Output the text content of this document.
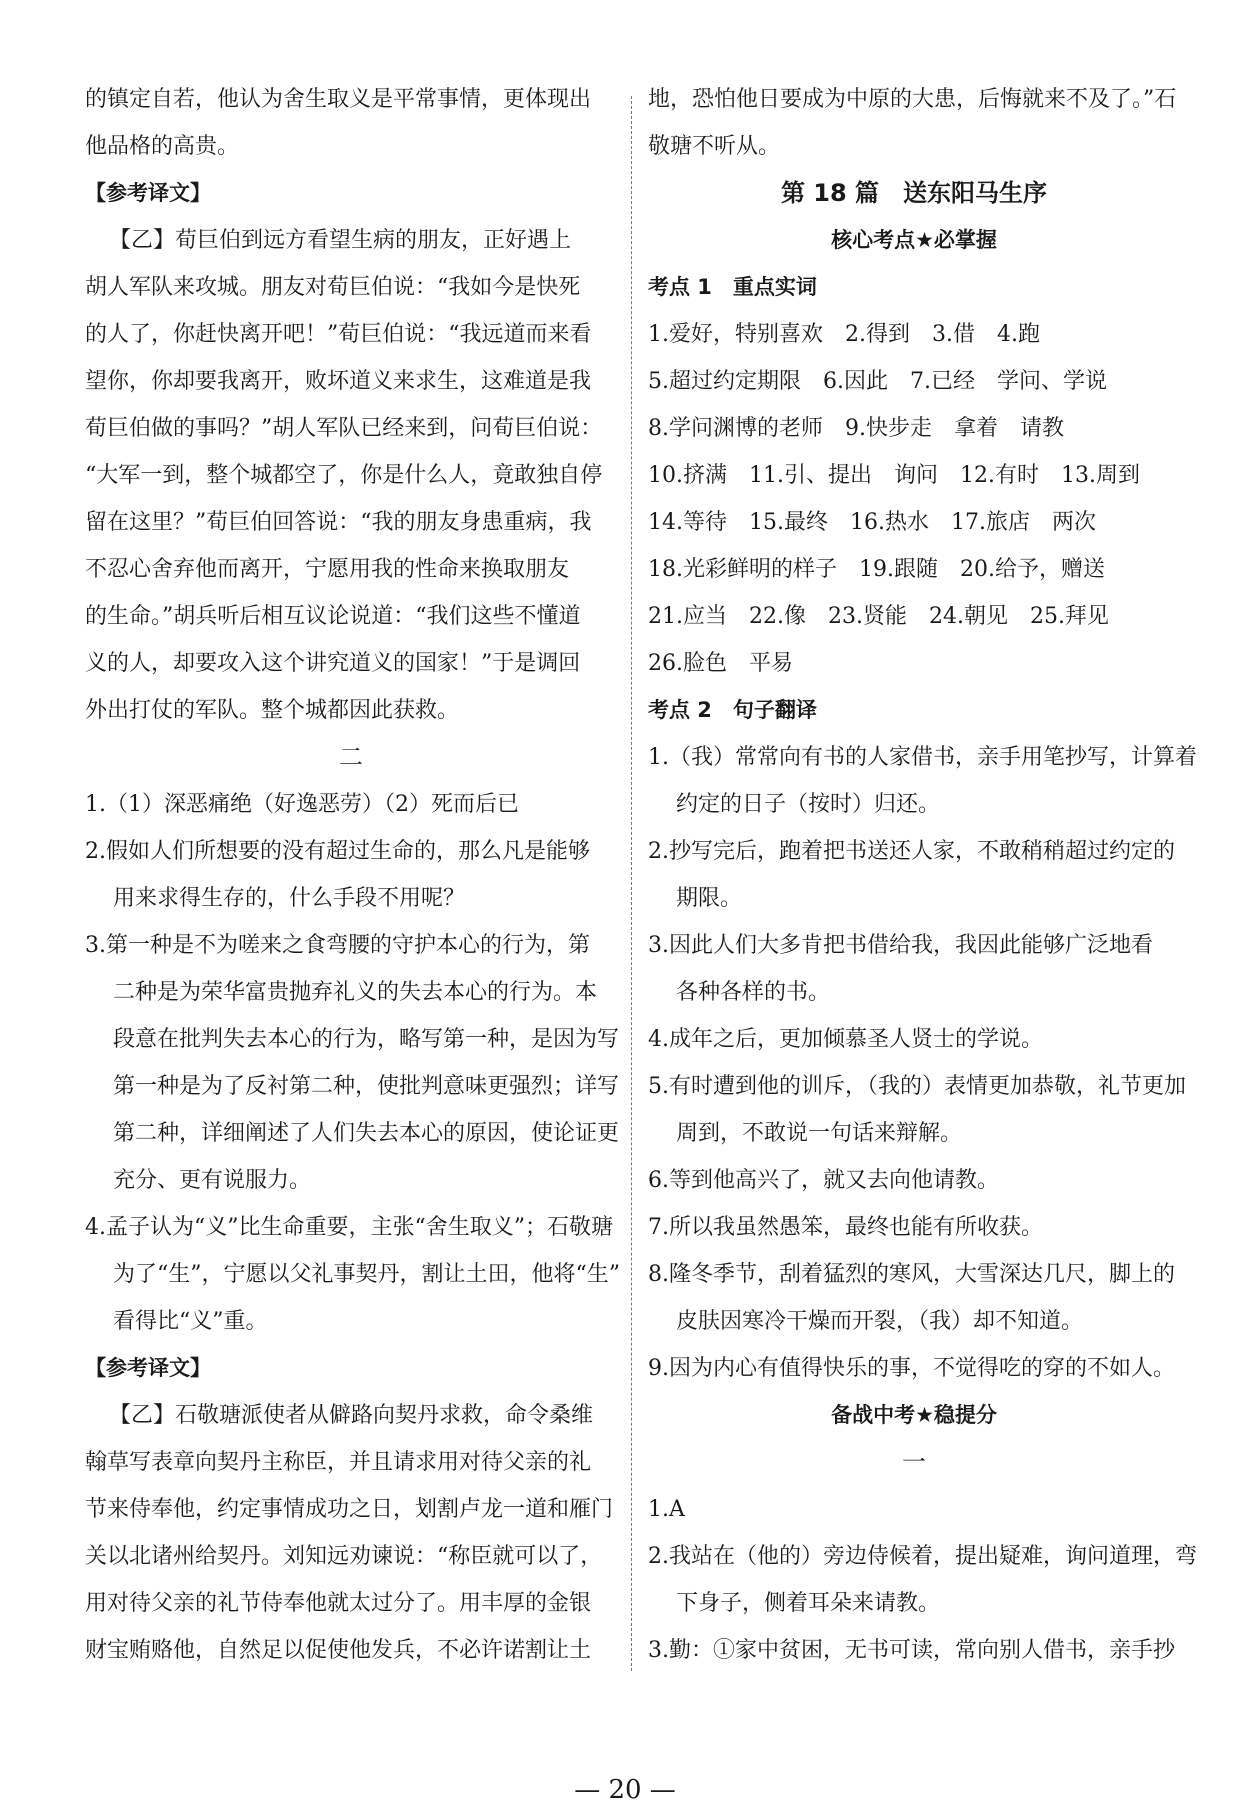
的镇定自若，他认为舍生取义是平常事情，更体现出
他品格的高贵。
【参考译文】
【乙】荀巨伯到远方看望生病的朋友，正好遇上
胡人军队来攻城。朋友对荀巨伯说：“我如今是快死
的人了，你赶快离开吧！”荀巨伯说：“我远道而来看
望你，你却要我离开，败坏道义来求生，这难道是我
荀巨伯做的事吗？”胡人军队已经来到，问荀巨伯说：
“大军一到，整个城都空了，你是什么人，竟敢独自停
留在这里？”荀巨伯回答说：“我的朋友身患重病，我
不忍心舍弃他而离开，宁愿用我的性命来换取朋友
的生命。”胡兵听后相互议论说道：“我们这些不懂道
义的人，却要攻入这个讲究道义的国家！”于是调回
外出打仗的军队。整个城都因此获救。
二
1.（1）深恶痛绝（好逸恶劳）（2）死而后已
2.假如人们所想要的没有超过生命的，那么凡是能够
用来求得生存的，什么手段不用呢？
3.第一种是不为嗟来之食弯腰的守护本心的行为，第
二种是为荣华富贵抛弃礼义的失去本心的行为。本
段意在批判失去本心的行为，略写第一种，是因为写
第一种是为了反衬第二种，使批判意味更强烈；详写
第二种，详细阐述了人们失去本心的原因，使论证更
充分、更有说服力。
4.孟子认为“义”比生命重要，主张“舍生取义”；石敬瑭
为了“生”，宁愿以父礼事契丹，割让土田，他将“生”
看得比“义”重。
【参考译文】
【乙】石敬瑭派使者从僻路向契丹求救，命令桑维
翰草写表章向契丹主称臣，并且请求用对待父亲的礼
节来侍奉他，约定事情成功之日，划割卢龙一道和雁门
关以北诸州给契丹。刘知远劝谏说：“称臣就可以了，
用对待父亲的礼节侍奉他就太过分了。用丰厚的金银
财宝贿赂他，自然足以促使他发兵，不必许诺割让土
地，恐怕他日要成为中原的大患，后悔就来不及了。”石
敬瑭不听从。
第 18 篇　送东阳马生序
核心考点★必掌握
考点 1　重点实词
1.爱好，特别喜欢　2.得到　3.借　4.跑
5.超过约定期限　6.因此　7.已经　学问、学说
8.学问渊博的老师　9.快步走　拿着　请教
10.挤满　11.引、提出　询问　12.有时　13.周到
14.等待　15.最终　16.热水　17.旅店　两次
18.光彩鲜明的样子　19.跟随　20.给予，赠送
21.应当　22.像　23.贤能　24.朝见　25.拜见
26.脸色　平易
考点 2　句子翻译
1.（我）常常向有书的人家借书，亲手用笔抄写，计算着
约定的日子（按时）归还。
2.抄写完后，跑着把书送还人家，不敢稍稍超过约定的
期限。
3.因此人们大多肯把书借给我，我因此能够广泛地看
各种各样的书。
4.成年之后，更加倾慕圣人贤士的学说。
5.有时遭到他的训斥，（我的）表情更加恭敬，礼节更加
周到，不敢说一句话来辩解。
6.等到他高兴了，就又去向他请教。
7.所以我虽然愚笨，最终也能有所收获。
8.隆冬季节，刮着猛烈的寒风，大雪深达几尺，脚上的
皮肤因寒冷干燥而开裂，（我）却不知道。
9.因为内心有值得快乐的事，不觉得吃的穿的不如人。
备战中考★稳提分
一
1.A
2.我站在（他的）旁边侍候着，提出疑难，询问道理，弯
下身子，侧着耳朵来请教。
3.勤：①家中贫困，无书可读，常向别人借书，亲手抄
— 20 —
